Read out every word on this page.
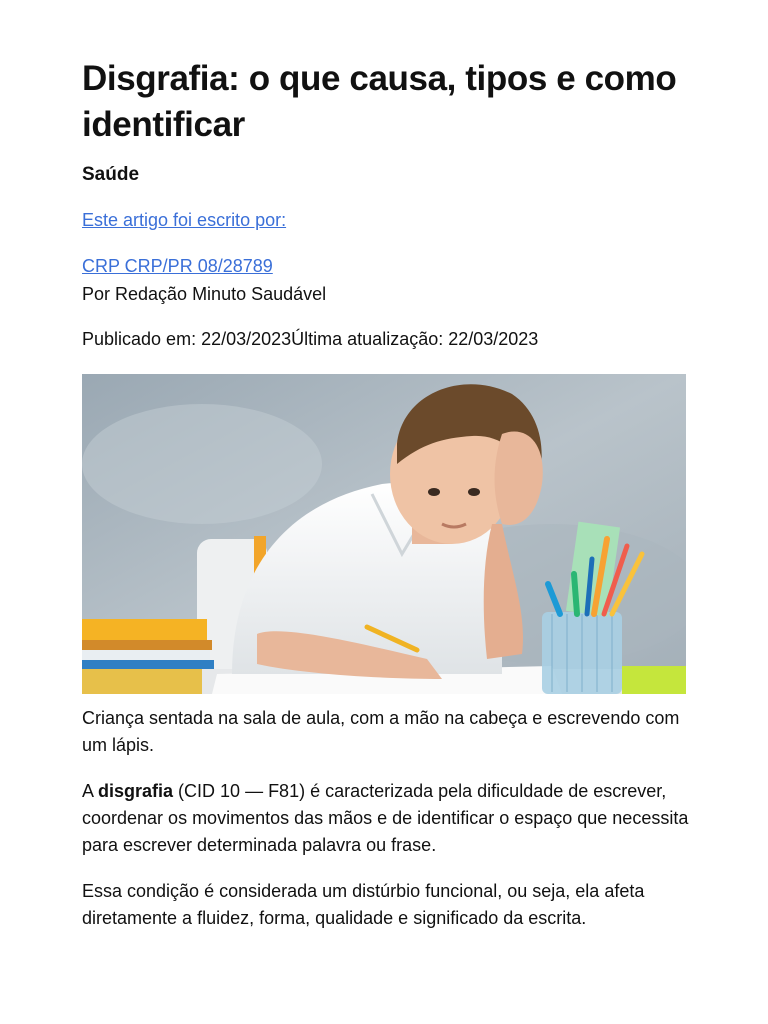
Disgrafia: o que causa, tipos e como identificar
Saúde
Este artigo foi escrito por:
CRP CRP/PR 08/28789
Por Redação Minuto Saudável
Publicado em: 22/03/2023Última atualização: 22/03/2023
Criança sentada na sala de aula, com a mão na cabeça e escrevendo com um lápis.

A disgrafia (CID 10 — F81) é caracterizada pela dificuldade de escrever, coordenar os movimentos das mãos e de identificar o espaço que necessita para escrever determinada palavra ou frase.

Essa condição é considerada um distúrbio funcional, ou seja, ela afeta diretamente a fluidez, forma, qualidade e significado da escrita.
